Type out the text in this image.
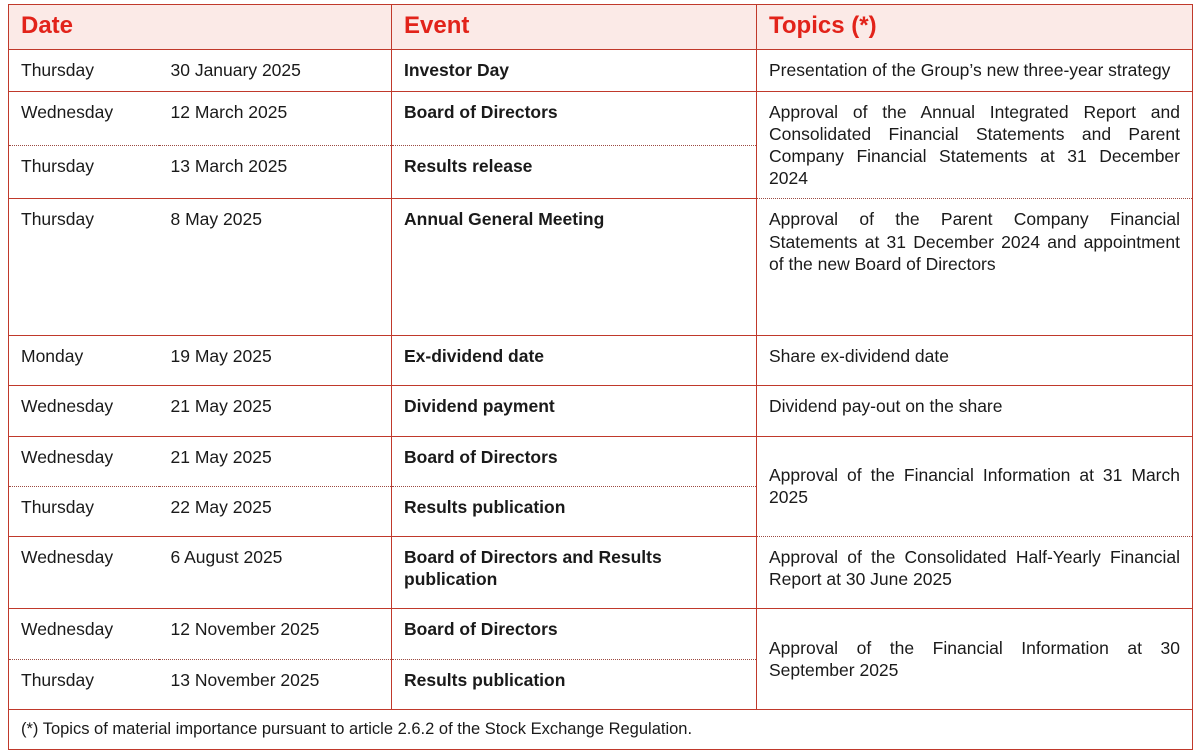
Date		Event	Topics (*)
Thursday	30 January 2025	Investor Day	Presentation of the Group’s new three-year strategy
Wednesday	12 March 2025	Board of Directors	Approval of the Annual Integrated Report and Consolidated Financial Statements and Parent Company Financial Statements at 31 December 2024
Thursday	13 March 2025	Results release	
Thursday	8 May 2025	Annual General Meeting	Approval of the Parent Company Financial Statements at 31 December 2024 and appointment of the new Board of Directors
Monday	19 May 2025	Ex-dividend date	Share ex-dividend date
Wednesday	21 May 2025	Dividend payment	Dividend pay-out on the share
Wednesday	21 May 2025	Board of Directors	Approval of the Financial Information at 31 March 2025
Thursday	22 May 2025	Results publication	
Wednesday	6 August 2025	Board of Directors and Results publication	Approval of the Consolidated Half-Yearly Financial Report at 30 June 2025
Wednesday	12 November 2025	Board of Directors	Approval of the Financial Information at 30 September 2025
Thursday	13 November 2025	Results publication	
(*) Topics of material importance pursuant to article 2.6.2 of the Stock Exchange Regulation.			
